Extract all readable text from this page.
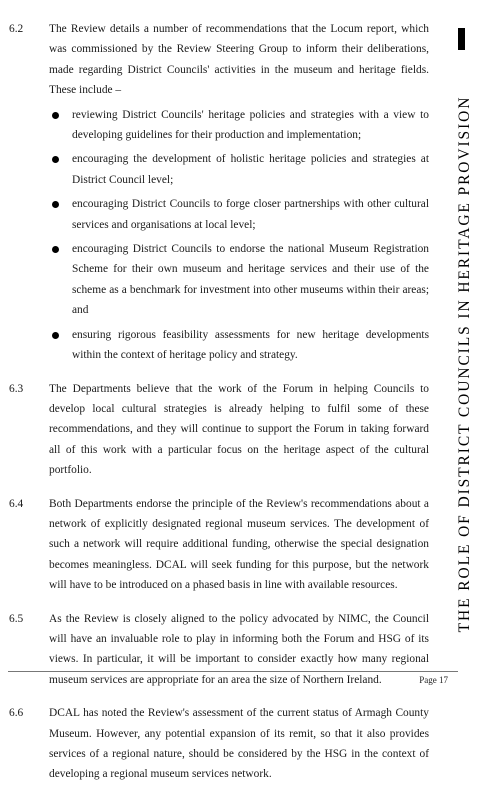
THE ROLE OF DISTRICT COUNCILS IN HERITAGE PROVISION
6.2	The Review details a number of recommendations that the Locum report, which was commissioned by the Review Steering Group to inform their deliberations, made regarding District Councils' activities in the museum and heritage fields. These include –
reviewing District Councils' heritage policies and strategies with a view to developing guidelines for their production and implementation;
encouraging the development of holistic heritage policies and strategies at District Council level;
encouraging District Councils to forge closer partnerships with other cultural services and organisations at local level;
encouraging District Councils to endorse the national Museum Registration Scheme for their own museum and heritage services and their use of the scheme as a benchmark for investment into other museums within their areas; and
ensuring rigorous feasibility assessments for new heritage developments within the context of heritage policy and strategy.
6.3	The Departments believe that the work of the Forum in helping Councils to develop local cultural strategies is already helping to fulfil some of these recommendations, and they will continue to support the Forum in taking forward all of this work with a particular focus on the heritage aspect of the cultural portfolio.
6.4	Both Departments endorse the principle of the Review's recommendations about a network of explicitly designated regional museum services. The development of such a network will require additional funding, otherwise the special designation becomes meaningless. DCAL will seek funding for this purpose, but the network will have to be introduced on a phased basis in line with available resources.
6.5	As the Review is closely aligned to the policy advocated by NIMC, the Council will have an invaluable role to play in informing both the Forum and HSG of its views. In particular, it will be important to consider exactly how many regional museum services are appropriate for an area the size of Northern Ireland.
6.6	DCAL has noted the Review's assessment of the current status of Armagh County Museum. However, any potential expansion of its remit, so that it also provides services of a regional nature, should be considered by the HSG in the context of developing a regional museum services network.
Page 17
